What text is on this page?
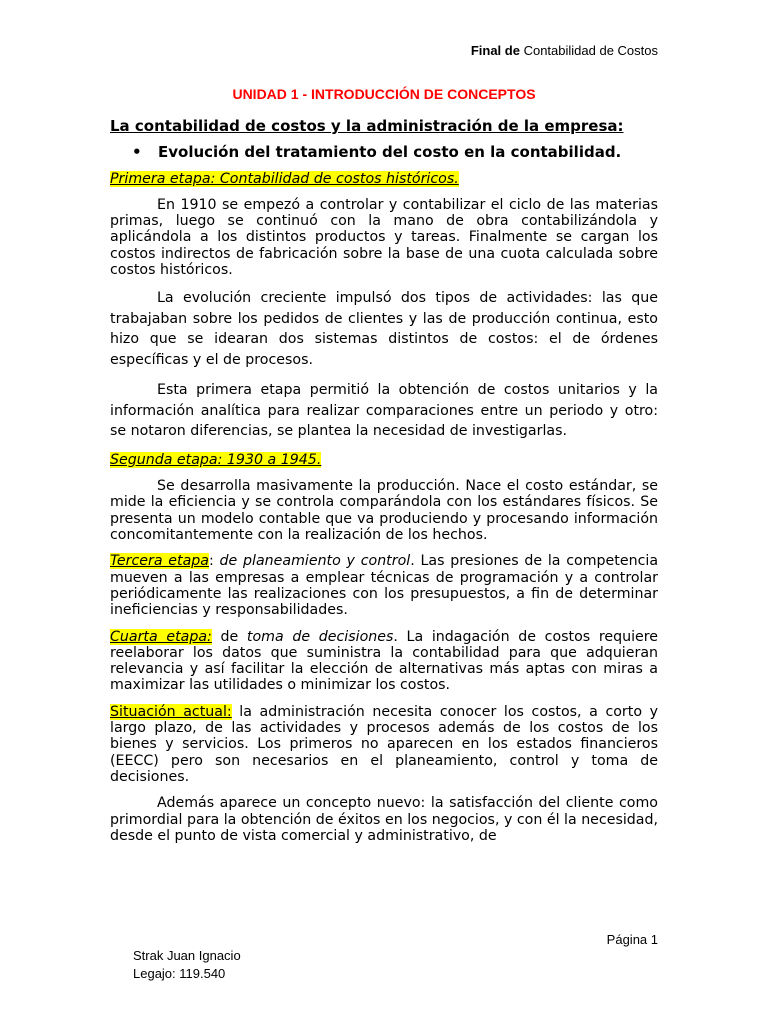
Final de Contabilidad de Costos
UNIDAD 1 - INTRODUCCIÓN DE CONCEPTOS
La contabilidad de costos y la administración de la empresa:
•	Evolución del tratamiento del costo en la contabilidad.
Primera etapa: Contabilidad de costos históricos.

En 1910 se empezó a controlar y contabilizar el ciclo de las materias primas, luego se continuó con la mano de obra contabilizándola y aplicándola a los distintos productos y tareas. Finalmente se cargan los costos indirectos de fabricación sobre la base de una cuota calculada sobre costos históricos.

La evolución creciente impulsó dos tipos de actividades: las que trabajaban sobre los pedidos de clientes y las de producción continua, esto hizo que se idearan dos sistemas distintos de costos: el de órdenes específicas y el de procesos.

Esta primera etapa permitió la obtención de costos unitarios y la información analítica para realizar comparaciones entre un periodo y otro: se notaron diferencias, se plantea la necesidad de investigarlas.

Segunda etapa: 1930 a 1945.

Se desarrolla masivamente la producción. Nace el costo estándar, se mide la eficiencia y se controla comparándola con los estándares físicos. Se presenta un modelo contable que va produciendo y procesando información concomitantemente con la realización de los hechos.

Tercera etapa: de planeamiento y control. Las presiones de la competencia mueven a las empresas a emplear técnicas de programación y a controlar periódicamente las realizaciones con los presupuestos, a fin de determinar ineficiencias y responsabilidades.

Cuarta etapa: de toma de decisiones. La indagación de costos requiere reelaborar los datos que suministra la contabilidad para que adquieran relevancia y así facilitar la elección de alternativas más aptas con miras a maximizar las utilidades o minimizar los costos.

Situación actual: la administración necesita conocer los costos, a corto y largo plazo, de las actividades y procesos además de los costos de los bienes y servicios. Los primeros no aparecen en los estados financieros (EECC) pero son necesarios en el planeamiento, control y toma de decisiones.

Además aparece un concepto nuevo: la satisfacción del cliente como primordial para la obtención de éxitos en los negocios, y con él la necesidad, desde el punto de vista comercial y administrativo, de

Página 1
Strak Juan Ignacio
Legajo: 119.540
